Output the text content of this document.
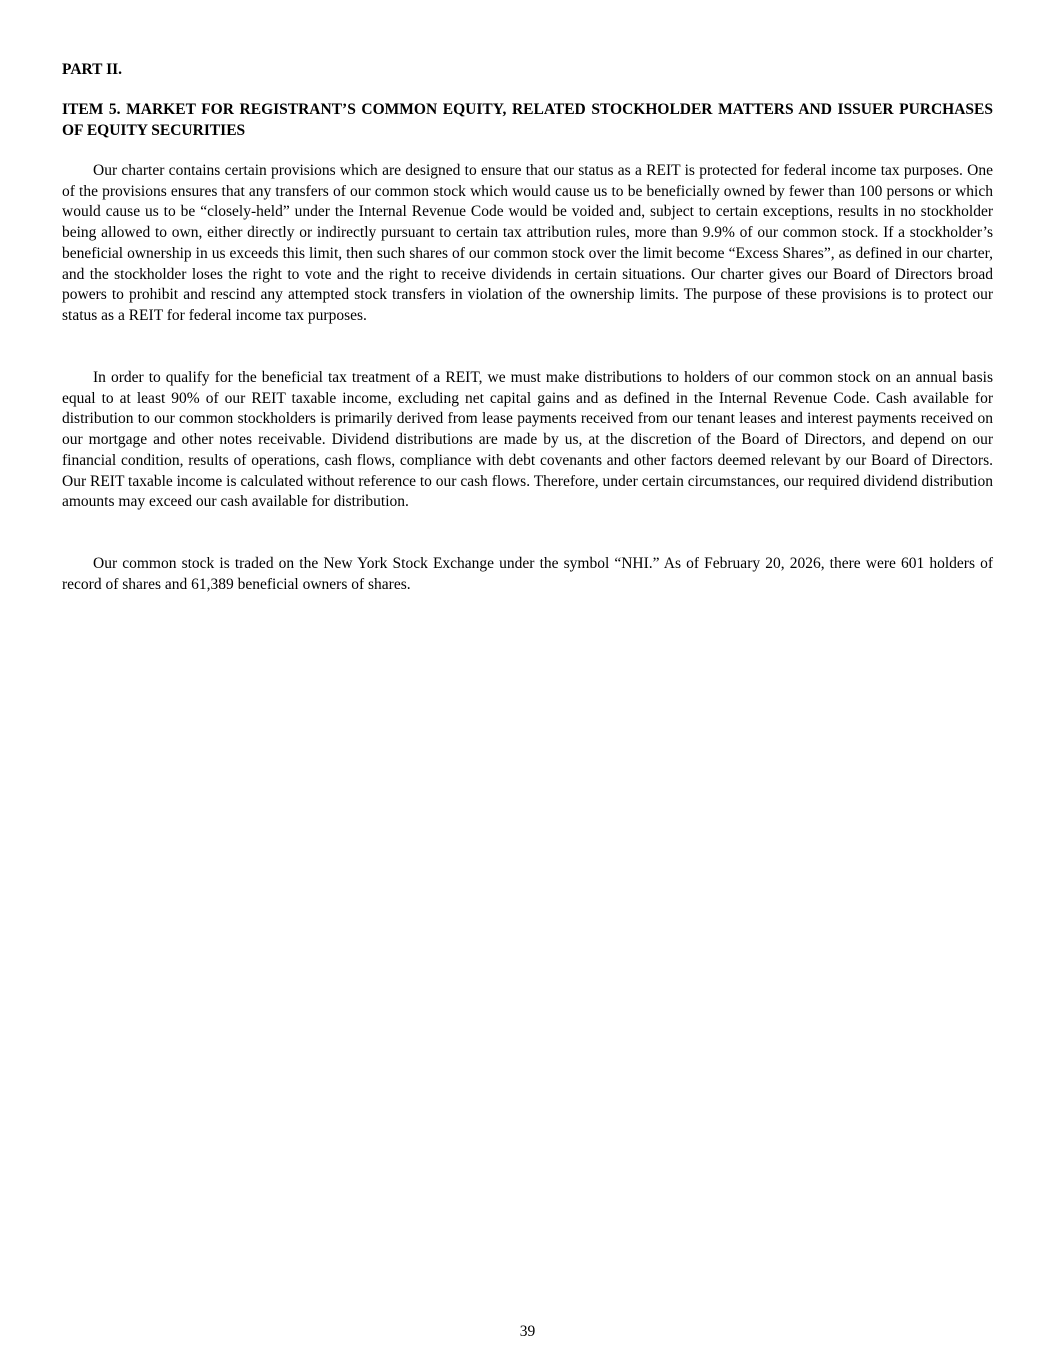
PART II.
ITEM 5. MARKET FOR REGISTRANT’S COMMON EQUITY, RELATED STOCKHOLDER MATTERS AND ISSUER PURCHASES OF EQUITY SECURITIES

Our charter contains certain provisions which are designed to ensure that our status as a REIT is protected for federal income tax purposes. One of the provisions ensures that any transfers of our common stock which would cause us to be beneficially owned by fewer than 100 persons or which would cause us to be “closely-held” under the Internal Revenue Code would be voided and, subject to certain exceptions, results in no stockholder being allowed to own, either directly or indirectly pursuant to certain tax attribution rules, more than 9.9% of our common stock. If a stockholder’s beneficial ownership in us exceeds this limit, then such shares of our common stock over the limit become “Excess Shares”, as defined in our charter, and the stockholder loses the right to vote and the right to receive dividends in certain situations. Our charter gives our Board of Directors broad powers to prohibit and rescind any attempted stock transfers in violation of the ownership limits. The purpose of these provisions is to protect our status as a REIT for federal income tax purposes.

In order to qualify for the beneficial tax treatment of a REIT, we must make distributions to holders of our common stock on an annual basis equal to at least 90% of our REIT taxable income, excluding net capital gains and as defined in the Internal Revenue Code. Cash available for distribution to our common stockholders is primarily derived from lease payments received from our tenant leases and interest payments received on our mortgage and other notes receivable. Dividend distributions are made by us, at the discretion of the Board of Directors, and depend on our financial condition, results of operations, cash flows, compliance with debt covenants and other factors deemed relevant by our Board of Directors. Our REIT taxable income is calculated without reference to our cash flows. Therefore, under certain circumstances, our required dividend distribution amounts may exceed our cash available for distribution.

Our common stock is traded on the New York Stock Exchange under the symbol “NHI.” As of February 20, 2026, there were 601 holders of record of shares and 61,389 beneficial owners of shares.

39
